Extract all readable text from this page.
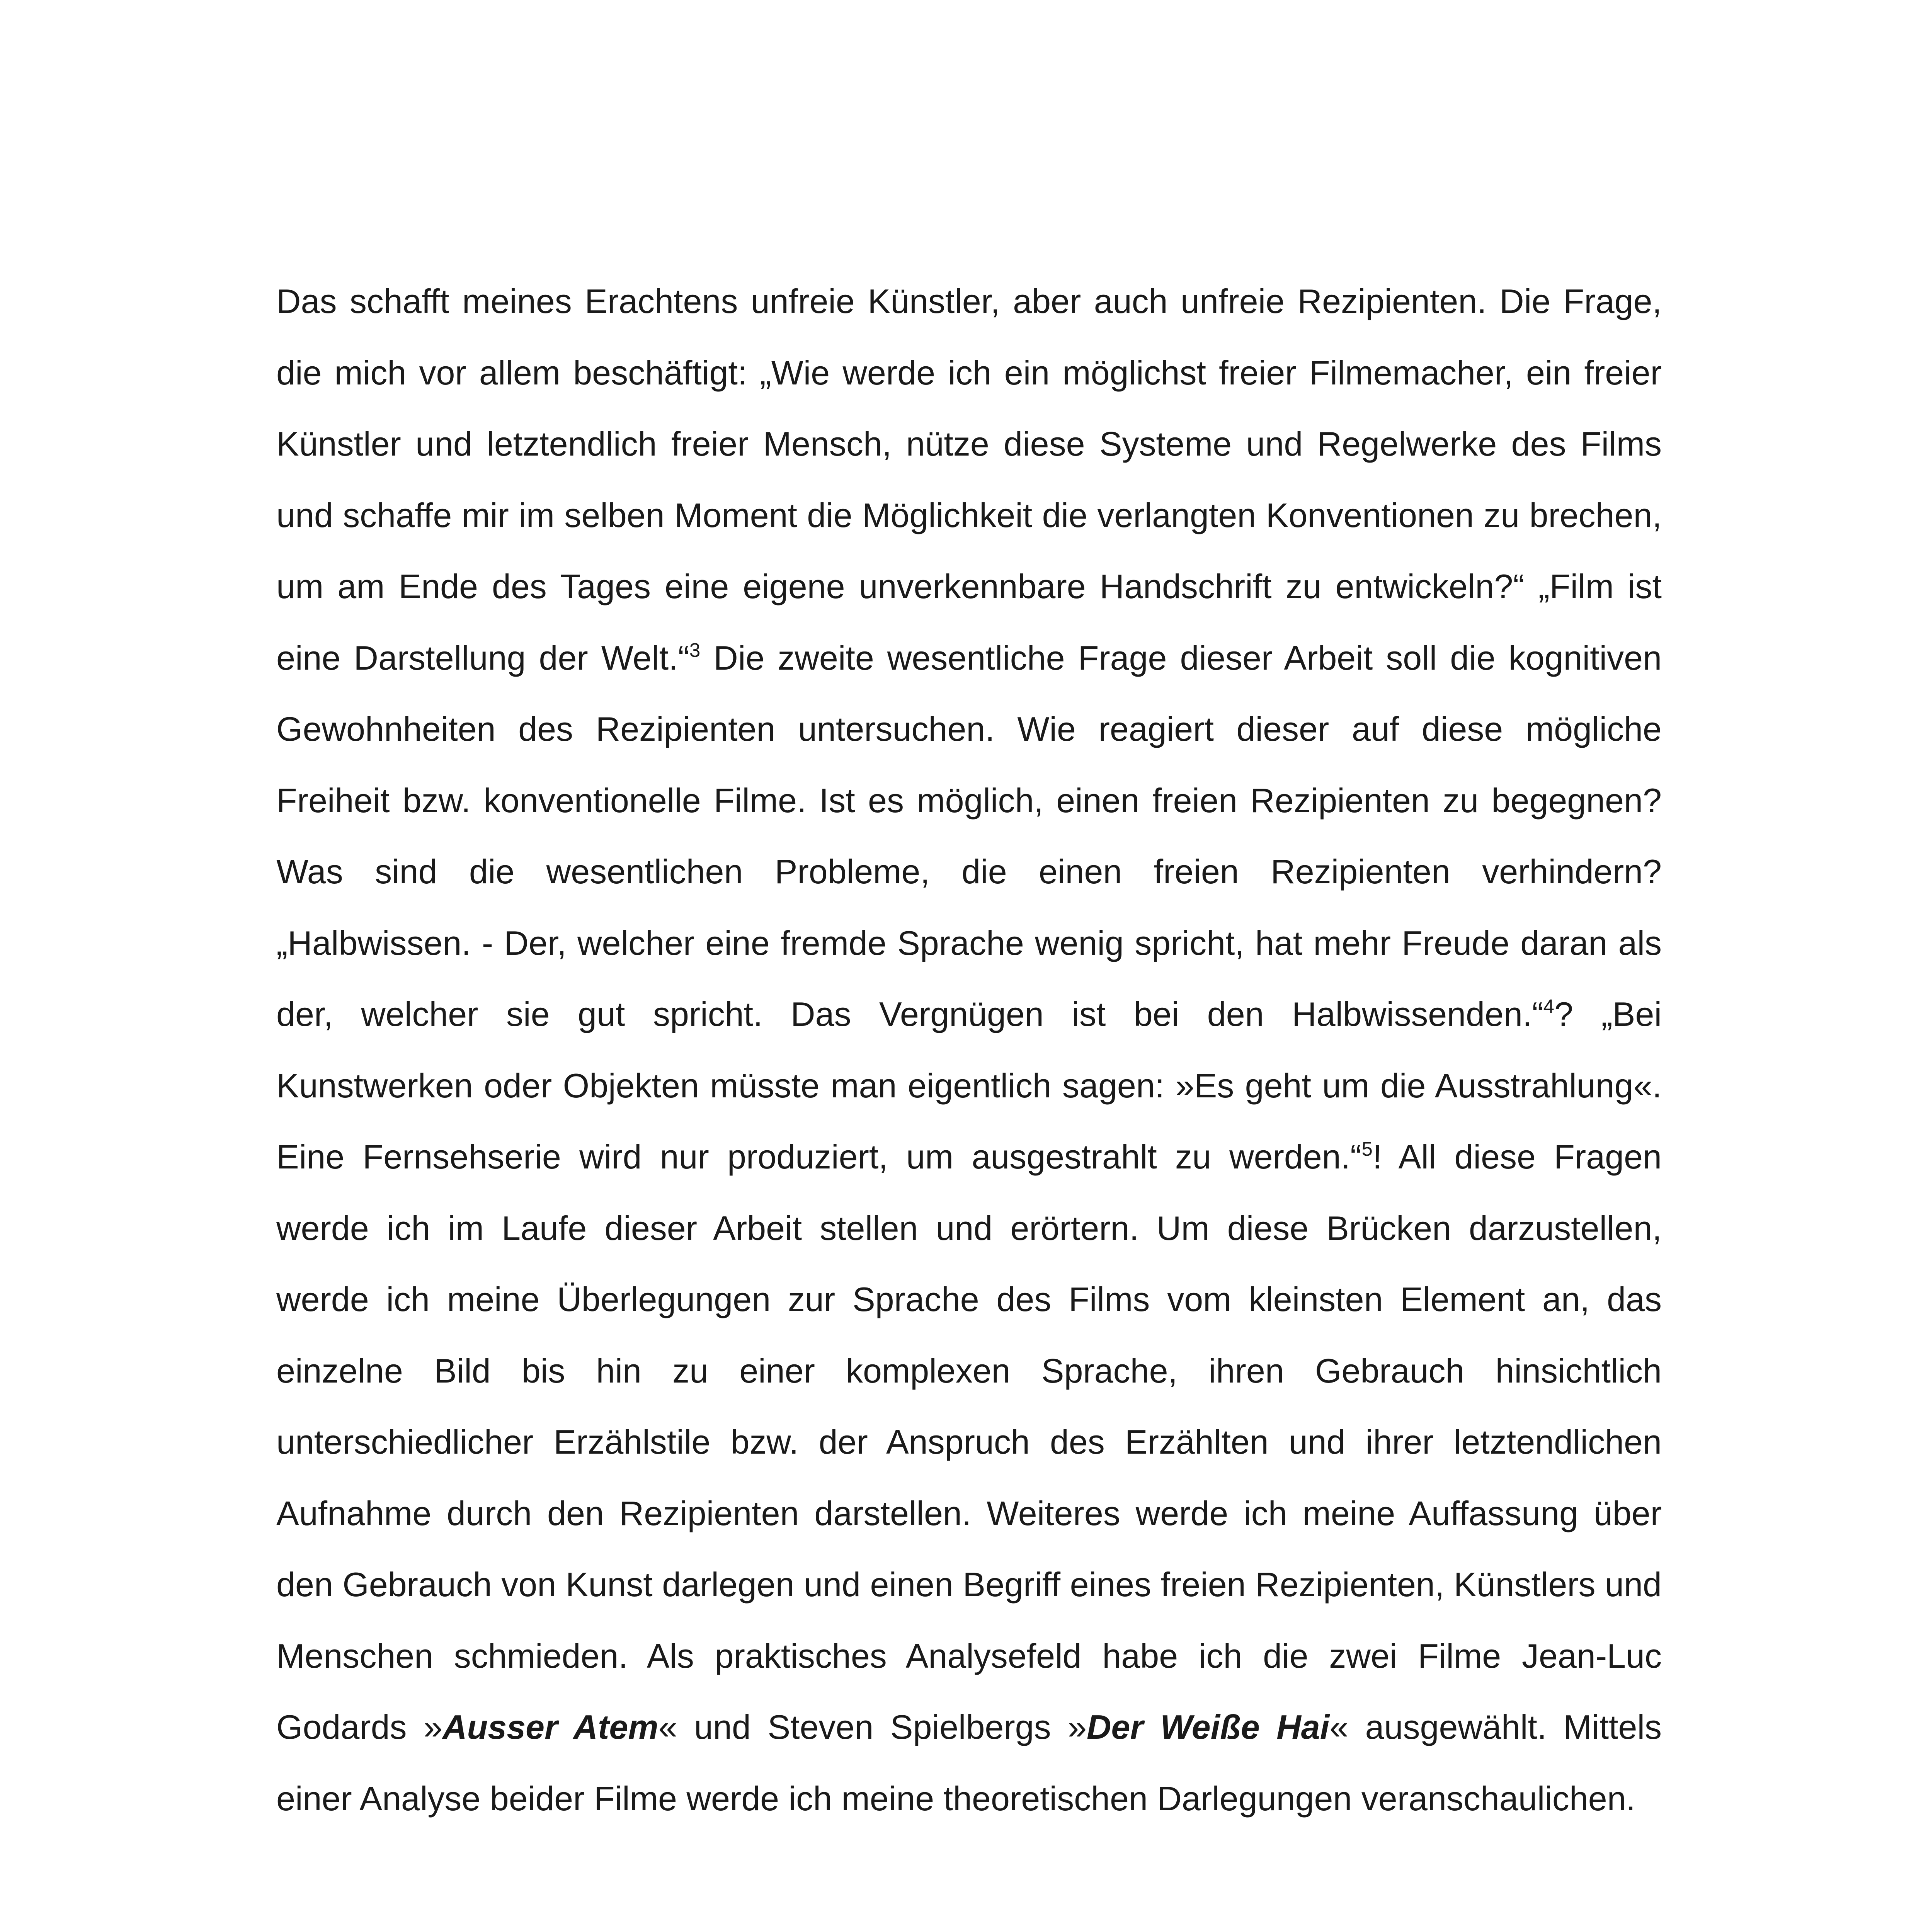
Das schafft meines Erachtens unfreie Künstler, aber auch unfreie Rezipienten. Die Frage, die mich vor allem beschäftigt: „Wie werde ich ein möglichst freier Filmemacher, ein freier Künstler und letztendlich freier Mensch, nütze diese Systeme und Regelwerke des Films und schaffe mir im selben Moment die Möglichkeit die verlangten Konventionen zu brechen, um am Ende des Tages eine eigene unverkennbare Handschrift zu entwickeln?“ „Film ist eine Darstellung der Welt.“$^3$ Die zweite wesentliche Frage dieser Arbeit soll die kognitiven Gewohnheiten des Rezipienten untersuchen. Wie reagiert dieser auf diese mögliche Freiheit bzw. konventionelle Filme. Ist es möglich, einen freien Rezipienten zu begegnen? Was sind die wesentlichen Probleme, die einen freien Rezipienten verhindern? „Halbwissen. - Der, welcher eine fremde Sprache wenig spricht, hat mehr Freude daran als der, welcher sie gut spricht. Das Vergnügen ist bei den Halbwissenden.“$^4$? „Bei Kunstwerken oder Objekten müsste man eigentlich sagen: »Es geht um die Ausstrahlung«. Eine Fernsehserie wird nur produziert, um ausgestrahlt zu werden.“$^5$! All diese Fragen werde ich im Laufe dieser Arbeit stellen und erörtern. Um diese Brücken darzustellen, werde ich meine Überlegungen zur Sprache des Films vom kleinsten Element an, das einzelne Bild bis hin zu einer komplexen Sprache, ihren Gebrauch hinsichtlich unterschiedlicher Erzählstile bzw. der Anspruch des Erzählten und ihrer letztendlichen Aufnahme durch den Rezipienten darstellen. Weiteres werde ich meine Auffassung über den Gebrauch von Kunst darlegen und einen Begriff eines freien Rezipienten, Künstlers und Menschen schmieden. Als praktisches Analysefeld habe ich die zwei Filme Jean-Luc Godards »Ausser Atem« und Steven Spielbergs »Der Weiße Hai« ausgewählt. Mittels einer Analyse beider Filme werde ich meine theoretischen Darlegungen veranschaulichen.
